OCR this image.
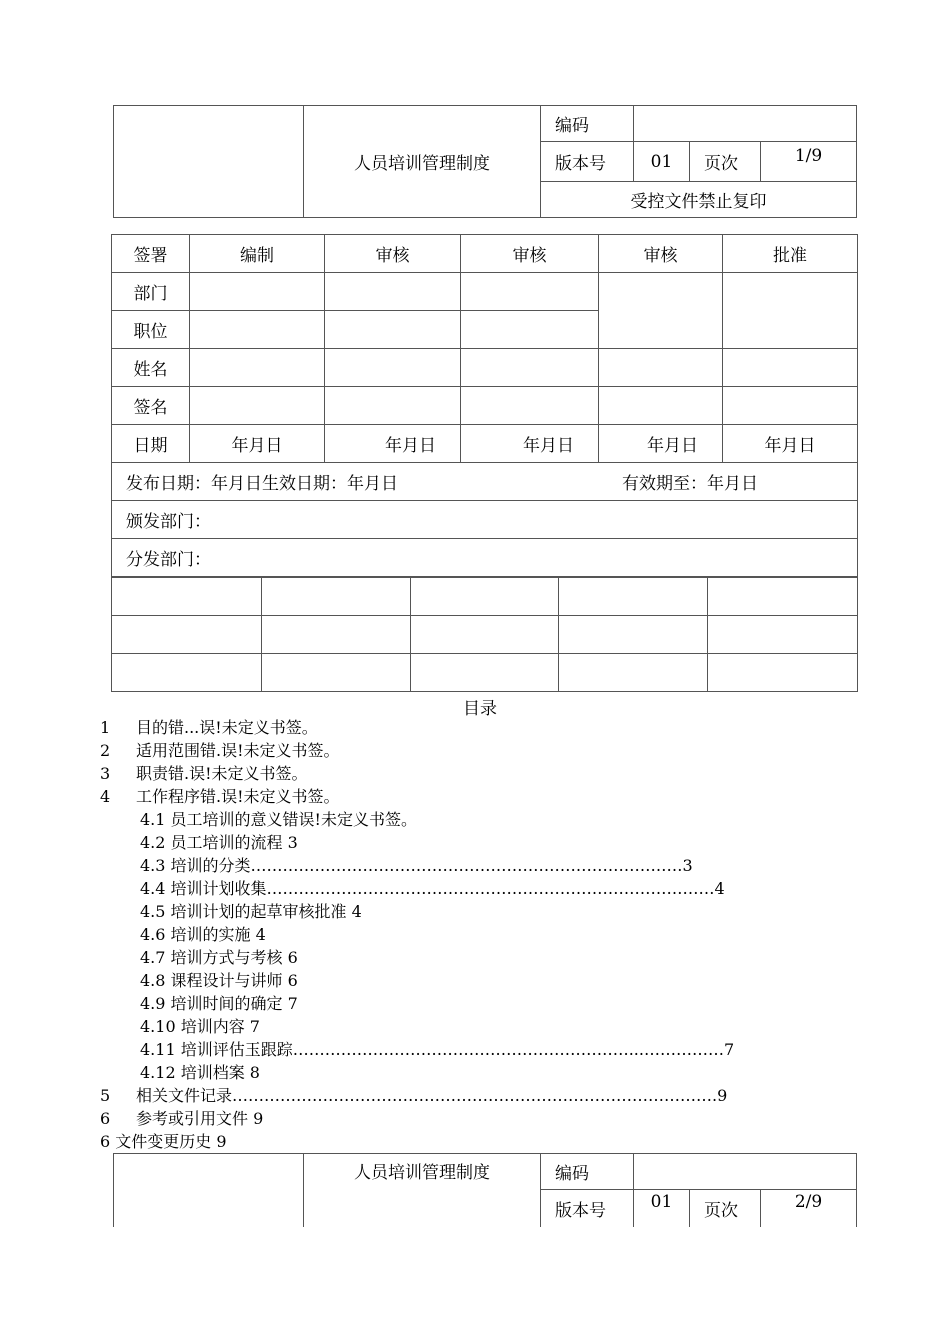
	人员培训管理制度	编码			
		版本号	01	页次	1/9
		受控文件禁止复印			
签署	编制	审核	审核	审核	批准
部门					
职位					
姓名					
签名					
日期	年月日	年月日	年月日	年月日	年月日
发布日期：年月日生效日期：年月日 有效期至：年月日					

颁发部门：					
分发部门：					

目录
1 目的错...误!未定义书签。
2 适用范围错.误!未定义书签。
3 职责错.误!未定义书签。
4 工作程序错.误!未定义书签。
4.1 员工培训的意义错误!未定义书签。
4.2 员工培训的流程 3
4.3 培训的分类………………………………………………………………………3
4.4 培训计划收集…………………………………………………………………………4
4.5 培训计划的起草审核批准 4
4.6 培训的实施 4
4.7 培训方式与考核 6
4.8 课程设计与讲师 6
4.9 培训时间的确定 7
4.10 培训内容 7
4.11 培训评估玉跟踪………………………………………………………...……………7
4.12 培训档案 8
5 相关文件记录……………………………………………………………………………….9
6 参考或引用文件 9
6 文件变更历史 9
	人员培训管理制度	编码			
		版本号	01	页次	2/9
